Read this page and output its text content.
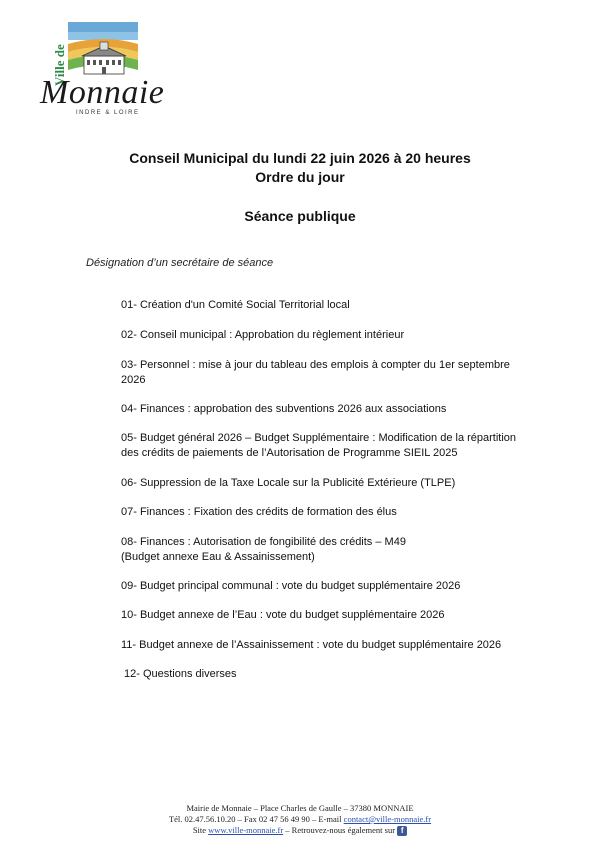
Ville de
Monnaie
INDRE & LOIRE
Conseil Municipal du lundi 22 juin 2026 à 20 heures
Ordre du jour
Séance publique
Désignation d’un secrétaire de séance
01- Création d'un Comité Social Territorial local
02- Conseil municipal : Approbation du règlement intérieur
03- Personnel : mise à jour du tableau des emplois à compter du 1er septembre 2026
04- Finances : approbation des subventions 2026 aux associations
05- Budget général 2026 – Budget Supplémentaire : Modification de la répartition des crédits de paiements de l’Autorisation de Programme SIEIL 2025
06- Suppression de la Taxe Locale sur la Publicité Extérieure (TLPE)
07- Finances : Fixation des crédits de formation des élus
08- Finances : Autorisation de fongibilité des crédits – M49 (Budget annexe Eau & Assainissement)
09- Budget principal communal : vote du budget supplémentaire 2026
10- Budget annexe de l’Eau : vote du budget supplémentaire 2026
11- Budget annexe de l’Assainissement : vote du budget supplémentaire 2026
12- Questions diverses
Mairie de Monnaie – Place Charles de Gaulle – 37380 MONNAIE
Tél. 02.47.56.10.20 – Fax 02 47 56 49 90 – E-mail contact@ville-monnaie.fr
Site www.ville-monnaie.fr – Retrouvez-nous également sur f
